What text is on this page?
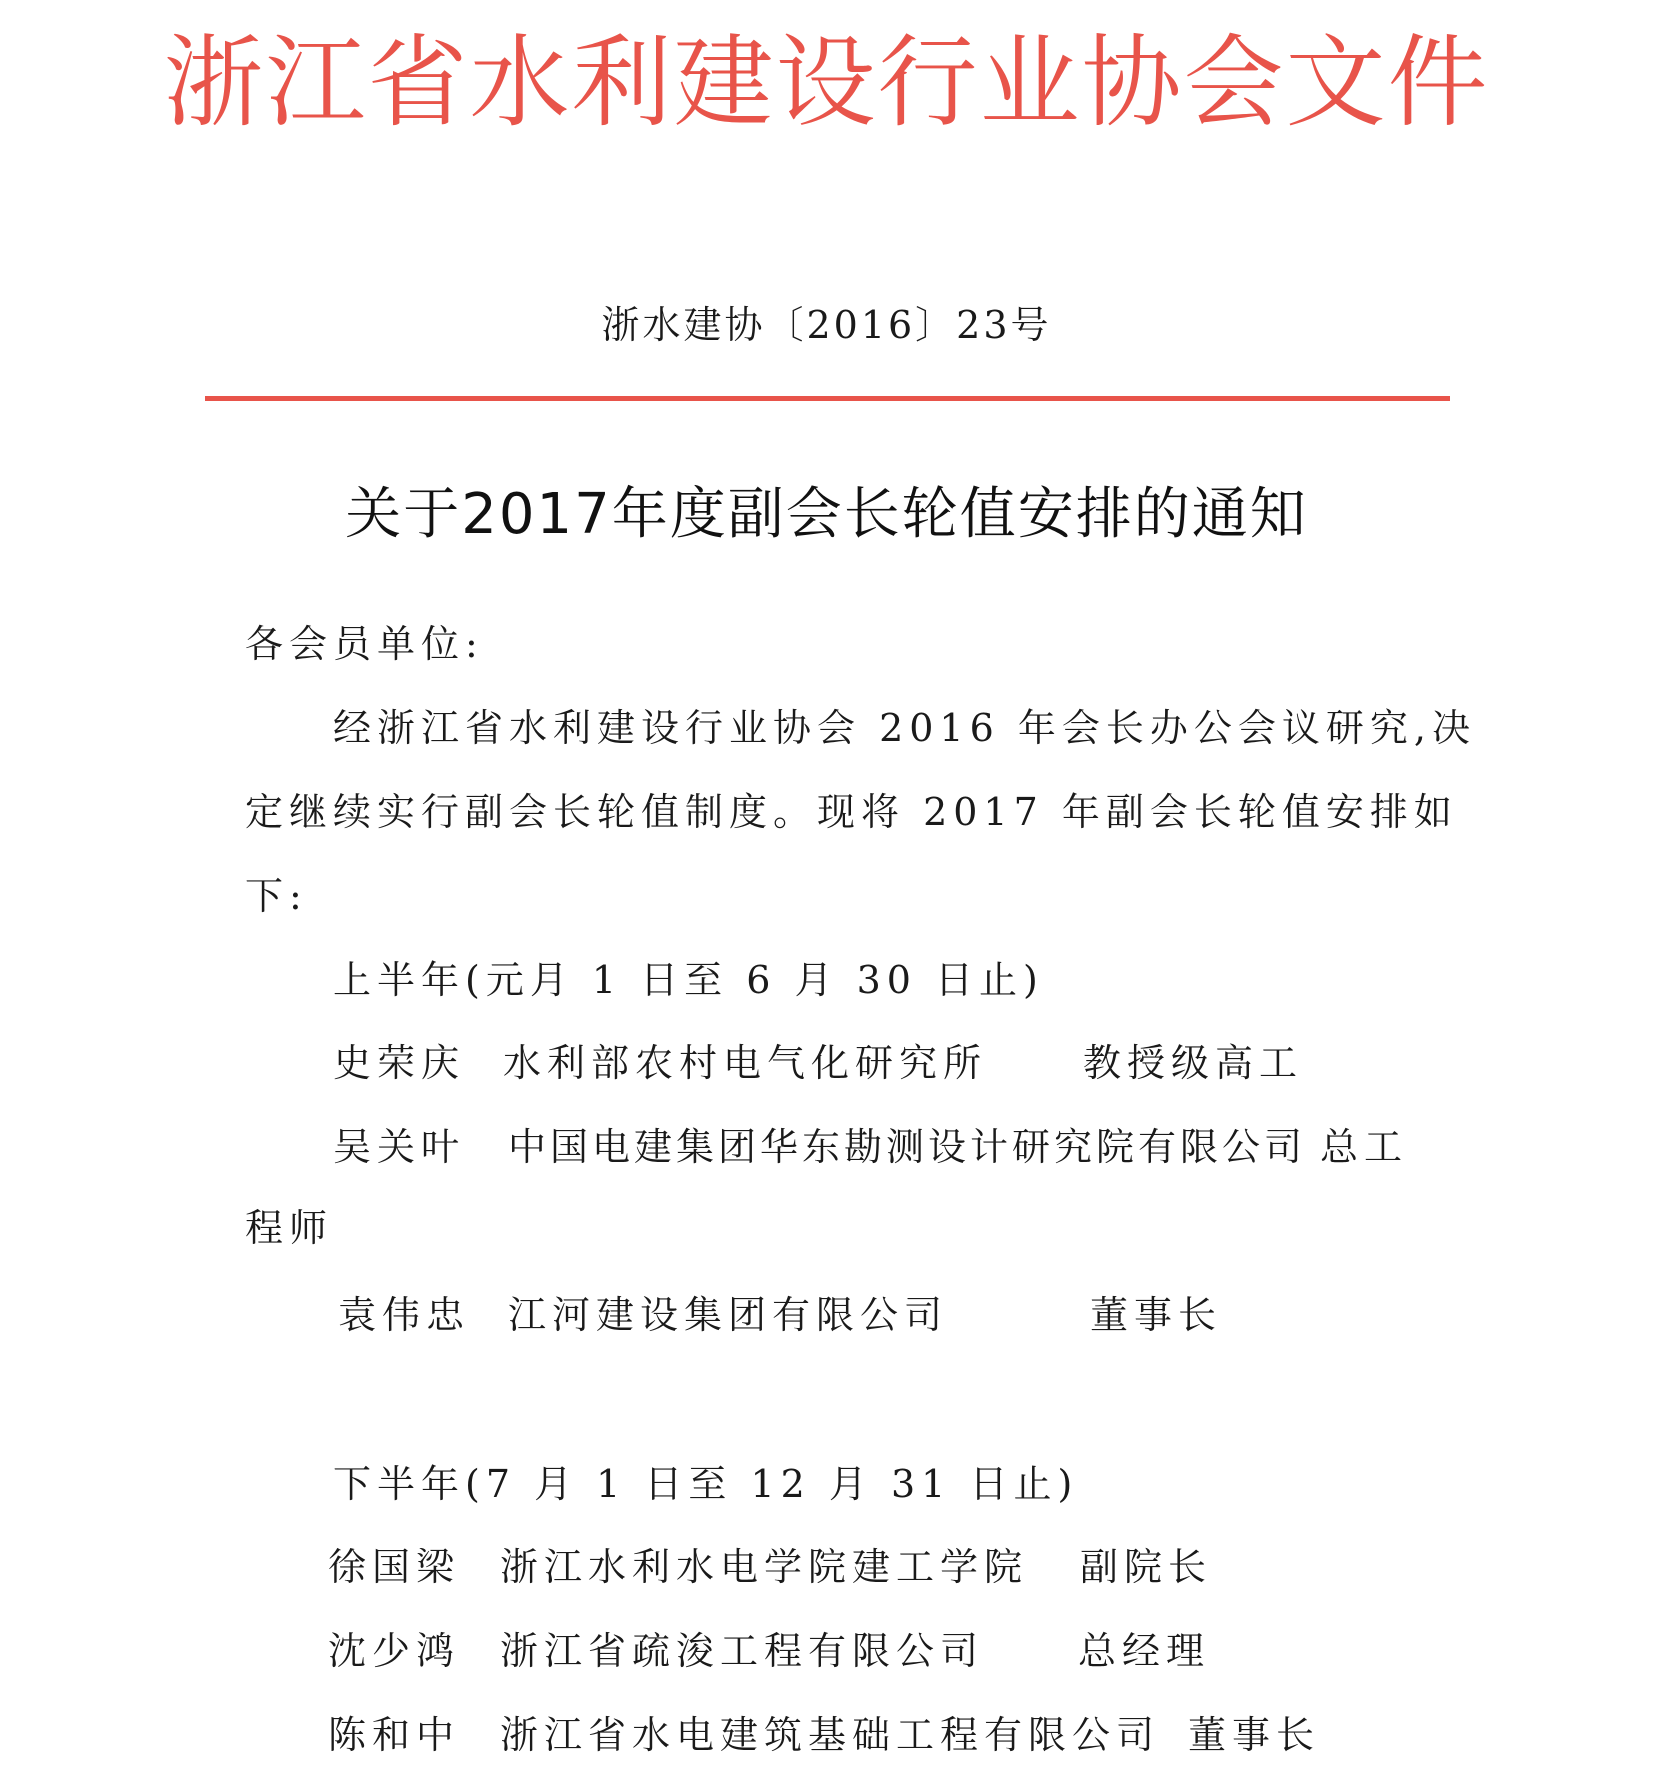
浙江省水利建设行业协会文件
浙水建协〔2016〕23号
关于2017年度副会长轮值安排的通知
各会员单位:
经浙江省水利建设行业协会 2016 年会长办公会议研究,决
定继续实行副会长轮值制度。现将 2017 年副会长轮值安排如
下:
上半年(元月 1 日至 6 月 30 日止)
史荣庆 水利部农村电气化研究所	教授级高工
吴关叶 中国电建集团华东勘测设计研究院有限公司 总工
程师
袁伟忠 江河建设集团有限公司	董事长
下半年(7 月 1 日至 12 月 31 日止)
徐国梁 浙江水利水电学院建工学院 副院长
沈少鸿 浙江省疏浚工程有限公司 总经理
陈和中 浙江省水电建筑基础工程有限公司 董事长
